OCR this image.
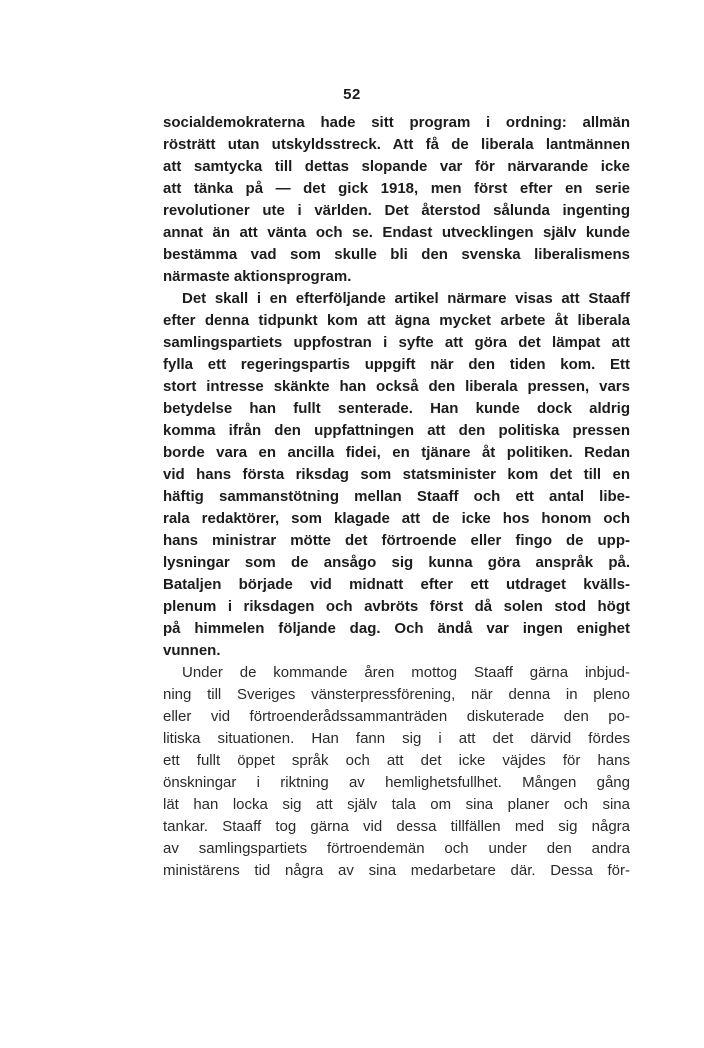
52
socialdemokraterna hade sitt program i ordning: allmän
rösträtt utan utskyldsstreck. Att få de liberala lantmännen
att samtycka till dettas slopande var för närvarande icke
att tänka på — det gick 1918, men först efter en serie
revolutioner ute i världen. Det återstod sålunda ingenting
annat än att vänta och se. Endast utvecklingen själv kunde
bestämma vad som skulle bli den svenska liberalismens
närmaste aktionsprogram.
Det skall i en efterföljande artikel närmare visas att Staaff
efter denna tidpunkt kom att ägna mycket arbete åt liberala
samlingspartiets uppfostran i syfte att göra det lämpat att
fylla ett regeringspartis uppgift när den tiden kom. Ett
stort intresse skänkte han också den liberala pressen, vars
betydelse han fullt senterade. Han kunde dock aldrig
komma ifrån den uppfattningen att den politiska pressen
borde vara en ancilla fidei, en tjänare åt politiken. Redan
vid hans första riksdag som statsminister kom det till en
häftig sammanstötning mellan Staaff och ett antal libe-
rala redaktörer, som klagade att de icke hos honom och
hans ministrar mötte det förtroende eller fingo de upp-
lysningar som de ansågo sig kunna göra anspråk på.
Bataljen började vid midnatt efter ett utdraget kvälls-
plenum i riksdagen och avbröts först då solen stod högt
på himmelen följande dag. Och ändå var ingen enighet
vunnen.
Under de kommande åren mottog Staaff gärna inbjud-
ning till Sveriges vänsterpressförening, när denna in pleno
eller vid förtroenderådssammanträden diskuterade den po-
litiska situationen. Han fann sig i att det därvid fördes
ett fullt öppet språk och att det icke väjdes för hans
önskningar i riktning av hemlighetsfullhet. Mången gång
lät han locka sig att själv tala om sina planer och sina
tankar. Staaff tog gärna vid dessa tillfällen med sig några
av samlingspartiets förtroendemän och under den andra
ministärens tid några av sina medarbetare där. Dessa för-
